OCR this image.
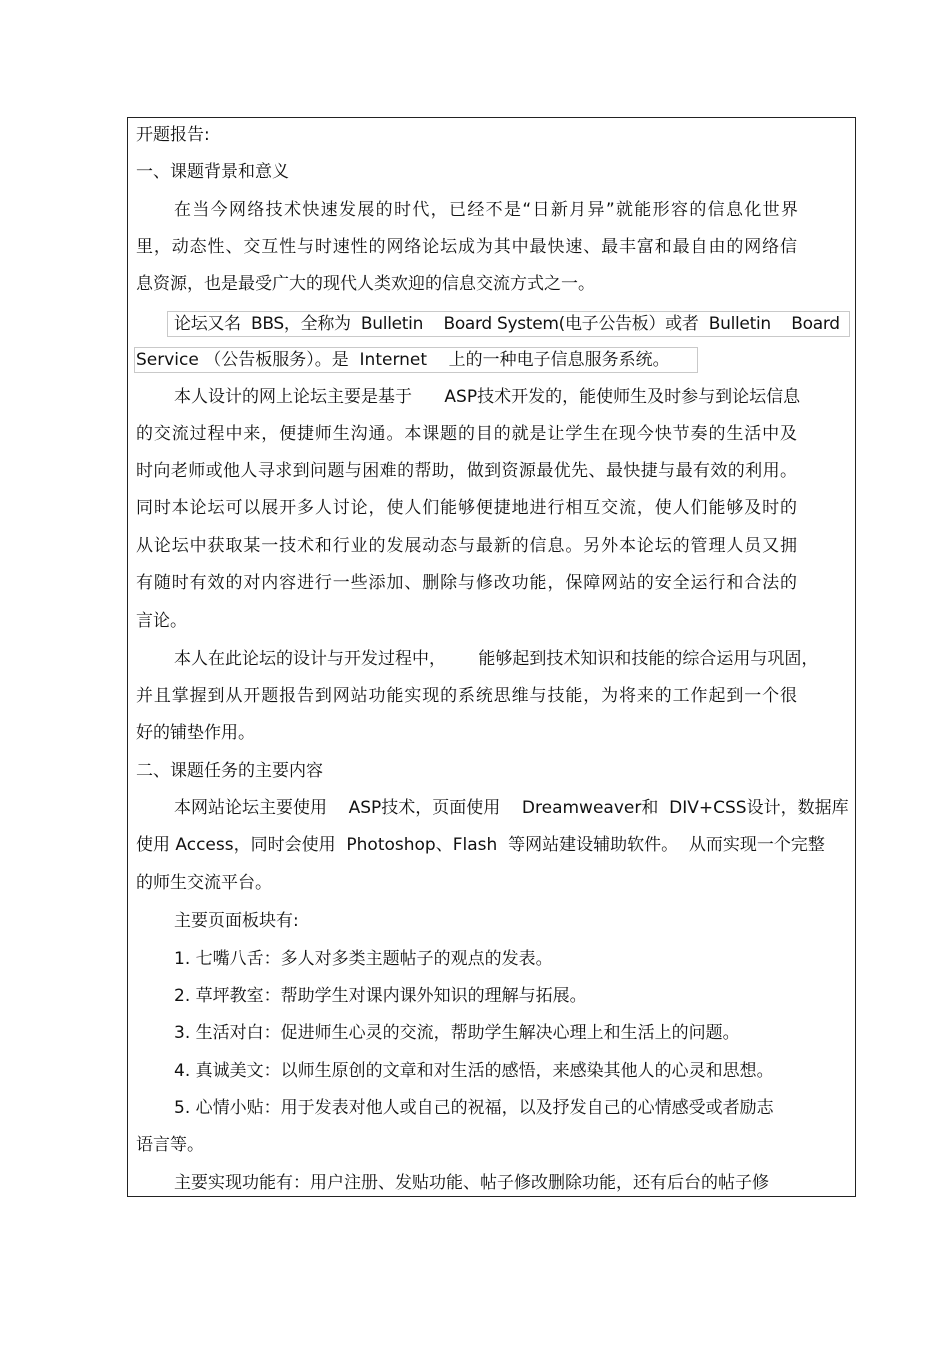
开题报告:
一、课题背景和意义
在当今网络技术快速发展的时代，已经不是“日新月异”就能形容的信息化世界
里，动态性、交互性与时速性的网络论坛成为其中最快速、最丰富和最自由的网络信
息资源，也是最受广大的现代人类欢迎的信息交流方式之一。
论坛又名  BBS，全称为  Bulletin    Board System(电子公告板）或者  Bulletin    Board
Service （公告板服务）。是  Internet    上的一种电子信息服务系统。
本人设计的网上论坛主要是基于      ASP技术开发的，能使师生及时参与到论坛信息
的交流过程中来，便捷师生沟通。本课题的目的就是让学生在现今快节奏的生活中及
时向老师或他人寻求到问题与困难的帮助，做到资源最优先、最快捷与最有效的利用。
同时本论坛可以展开多人讨论，使人们能够便捷地进行相互交流，使人们能够及时的
从论坛中获取某一技术和行业的发展动态与最新的信息。另外本论坛的管理人员又拥
有随时有效的对内容进行一些添加、删除与修改功能，保障网站的安全运行和合法的
言论。
本人在此论坛的设计与开发过程中，      能够起到技术知识和技能的综合运用与巩固，
并且掌握到从开题报告到网站功能实现的系统思维与技能，为将来的工作起到一个很
好的铺垫作用。
二、课题任务的主要内容
本网站论坛主要使用    ASP技术，页面使用    Dreamweaver和  DIV+CSS设计，数据库
使用 Access，同时会使用  Photoshop、Flash  等网站建设辅助软件。  从而实现一个完整
的师生交流平台。
主要页面板块有:
1. 七嘴八舌：多人对多类主题帖子的观点的发表。
2. 草坪教室：帮助学生对课内课外知识的理解与拓展。
3. 生活对白：促进师生心灵的交流，帮助学生解决心理上和生活上的问题。
4. 真诚美文：以师生原创的文章和对生活的感悟，来感染其他人的心灵和思想。
5. 心情小贴：用于发表对他人或自己的祝福，以及抒发自己的心情感受或者励志
语言等。
主要实现功能有：用户注册、发贴功能、帖子修改删除功能，还有后台的帖子修
